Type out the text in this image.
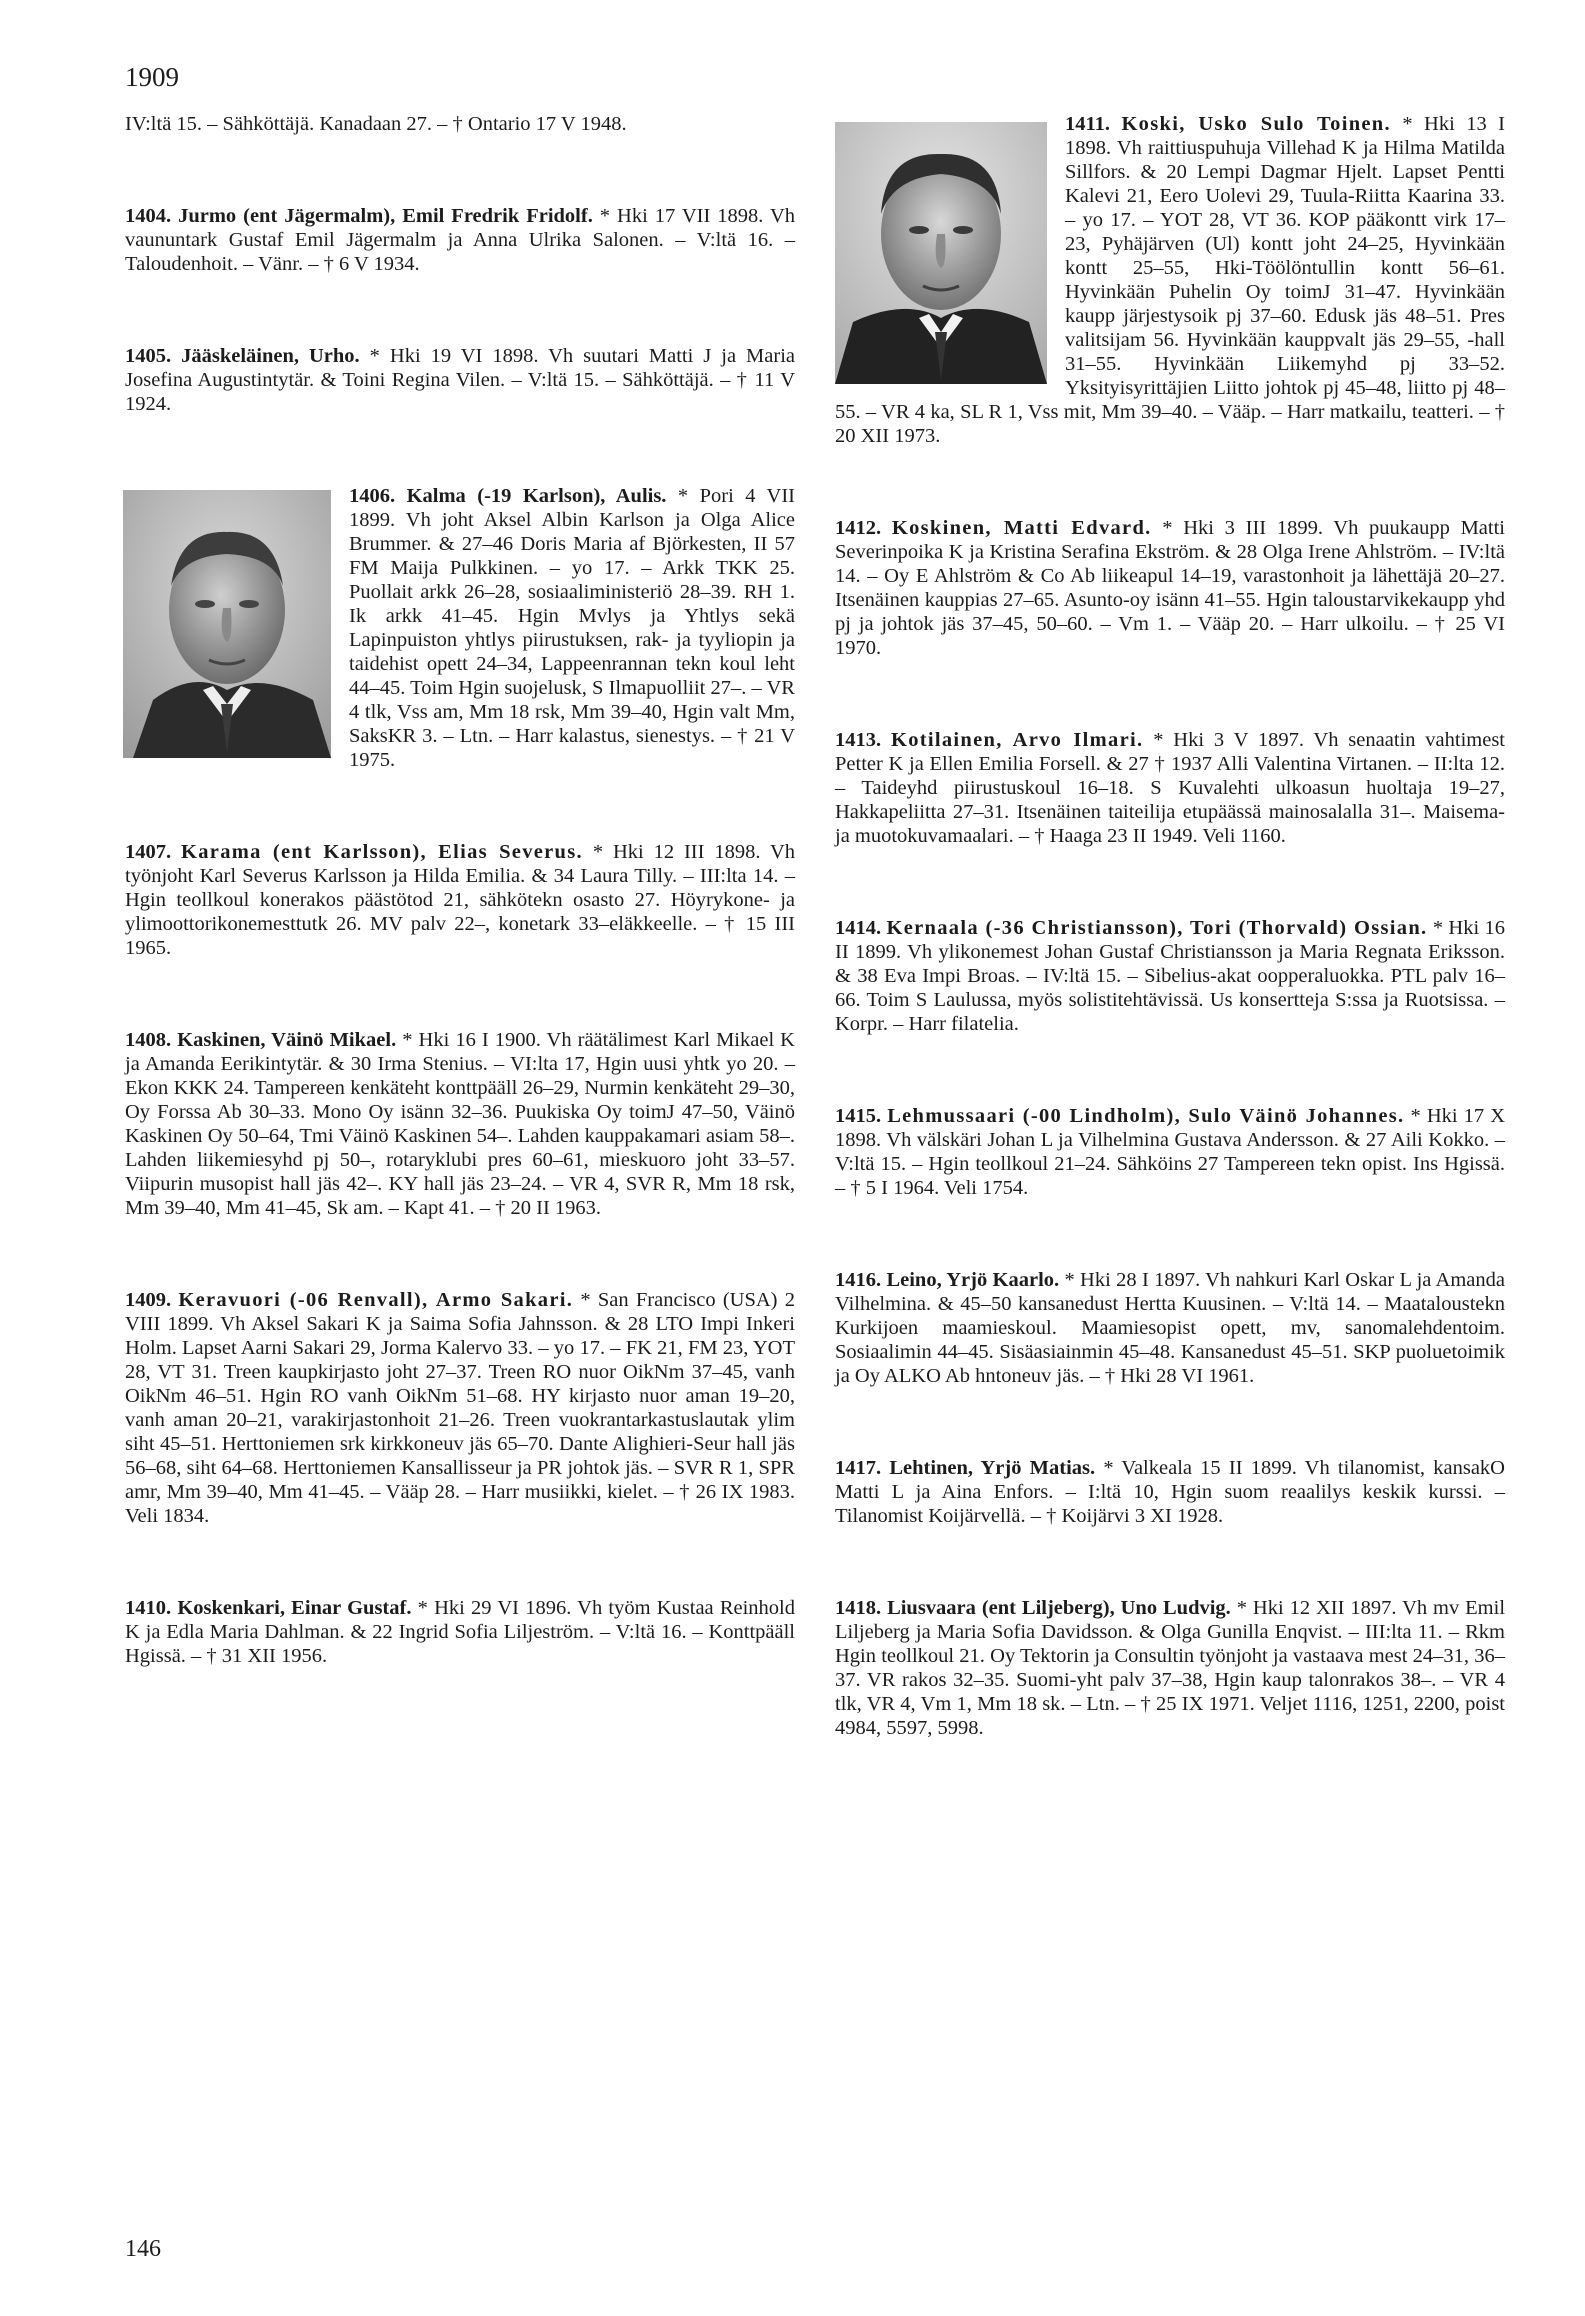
1909

IV:ltä 15. – Sähköttäjä. Kanadaan 27. – † Ontario 17 V 1948.

1404. Jurmo (ent Jägermalm), Emil Fredrik Fridolf. * Hki 17 VII 1898. Vh vaununtark Gustaf Emil Jägermalm ja Anna Ulrika Salonen. – V:ltä 16. – Taloudenhoit. – Vänr. – † 6 V 1934.

1405. Jääskeläinen, Urho. * Hki 19 VI 1898. Vh suutari Matti J ja Maria Josefina Augustintytär. & Toini Regina Vilen. – V:ltä 15. – Sähköttäjä. – † 11 V 1924.

1406. Kalma (-19 Karlson), Aulis.
* Pori 4 VII 1899. Vh joht Aksel Albin Karlson ja Olga Alice Brummer. & 27–46 Doris Maria af Björkesten, II 57 FM Maija Pulkkinen. – yo 17. – Arkk TKK 25. Puollait arkk 26–28, sosiaaliministeriö 28–39. RH 1. Ik arkk 41–45. Hgin Mvlys ja Yhtlys sekä Lapinpuiston yhtlys piirustuksen, rak- ja tyyliopin ja taidehist opett 24–34, Lappeenrannan tekn koul leht 44–45. Toim Hgin suojelusk, S Ilmapuolliit 27–. – VR 4 tlk, Vss am, Mm 18 rsk, Mm 39–40, Hgin valt Mm, SaksKR 3. – Ltn. – Harr kalastus, sienestys. – † 21 V 1975.

1407. Karama (ent Karlsson), Elias Severus. * Hki 12 III 1898. Vh työnjoht Karl Severus Karlsson ja Hilda Emilia. & 34 Laura Tilly. – III:lta 14. – Hgin teollkoul konerakos päästötod 21, sähkötekn osasto 27. Höyrykone- ja ylimoottorikonemesttutk 26. MV palv 22–, konetark 33–eläkkeelle. – † 15 III 1965.

1408. Kaskinen, Väinö Mikael. * Hki 16 I 1900. Vh räätälimest Karl Mikael K ja Amanda Eerikintytär. & 30 Irma Stenius. – VI:lta 17, Hgin uusi yhtk yo 20. – Ekon KKK 24. Tampereen kenkäteht konttpääll 26–29, Nurmin kenkäteht 29–30, Oy Forssa Ab 30–33. Mono Oy isänn 32–36. Puukiska Oy toimJ 47–50, Väinö Kaskinen Oy 50–64, Tmi Väinö Kaskinen 54–. Lahden kauppakamari asiam 58–. Lahden liikemiesyhd pj 50–, rotaryklubi pres 60–61, mieskuoro joht 33–57. Viipurin musopist hall jäs 42–. KY hall jäs 23–24. – VR 4, SVR R, Mm 18 rsk, Mm 39–40, Mm 41–45, Sk am. – Kapt 41. – † 20 II 1963.

1409. Keravuori (-06 Renvall), Armo Sakari. * San Francisco (USA) 2 VIII 1899. Vh Aksel Sakari K ja Saima Sofia Jahnsson. & 28 LTO Impi Inkeri Holm. Lapset Aarni Sakari 29, Jorma Kalervo 33. – yo 17. – FK 21, FM 23, YOT 28, VT 31. Treen kaupkirjasto joht 27–37. Treen RO nuor OikNm 37–45, vanh OikNm 46–51. Hgin RO vanh OikNm 51–68. HY kirjasto nuor aman 19–20, vanh aman 20–21, varakirjastonhoit 21–26. Treen vuokrantarkastuslautak ylim siht 45–51. Herttoniemen srk kirkkoneuv jäs 65–70. Dante Alighieri-Seur hall jäs 56–68, siht 64–68. Herttoniemen Kansallisseur ja PR johtok jäs. – SVR R 1, SPR amr, Mm 39–40, Mm 41–45. – Vääp 28. – Harr musiikki, kielet. – † 26 IX 1983. Veli 1834.

1410. Koskenkari, Einar Gustaf. * Hki 29 VI 1896. Vh työm Kustaa Reinhold K ja Edla Maria Dahlman. & 22 Ingrid Sofia Liljeström. – V:ltä 16. – Konttpääll Hgissä. – † 31 XII 1956.

1411. Koski, Usko Sulo Toinen. * Hki 13 I 1898. Vh raittiuspuhuja Villehad K ja Hilma Matilda Sillfors. & 20 Lempi Dagmar Hjelt. Lapset Pentti Kalevi 21, Eero Uolevi 29, Tuula-Riitta Kaarina 33. – yo 17. – YOT 28, VT 36. KOP pääkontt virk 17–23, Pyhäjärven (Ul) kontt joht 24–25, Hyvinkään kontt 25–55, Hki-Töölöntullin kontt 56–61. Hyvinkään Puhelin Oy toimJ 31–47. Hyvinkään kaupp järjestysoik pj 37–60. Edusk jäs 48–51. Pres valitsijam 56. Hyvinkään kauppvalt jäs 29–55, -hall 31–55. Hyvinkään Liikemyhd pj 33–52. Yksityisyrittäjien Liitto johtok pj 45–48, liitto pj 48–55. – VR 4 ka, SL R 1, Vss mit, Mm 39–40. – Vääp. – Harr matkailu, teatteri. – † 20 XII 1973.

1412. Koskinen, Matti Edvard. * Hki 3 III 1899. Vh puukaupp Matti Severinpoika K ja Kristina Serafina Ekström. & 28 Olga Irene Ahlström. – IV:ltä 14. – Oy E Ahlström & Co Ab liikeapul 14–19, varastonhoit ja lähettäjä 20–27. Itsenäinen kauppias 27–65. Asunto-oy isänn 41–55. Hgin taloustarvikekaupp yhd pj ja johtok jäs 37–45, 50–60. – Vm 1. – Vääp 20. – Harr ulkoilu. – † 25 VI 1970.

1413. Kotilainen, Arvo Ilmari. * Hki 3 V 1897. Vh senaatin vahtimest Petter K ja Ellen Emilia Forsell. & 27 † 1937 Alli Valentina Virtanen. – II:lta 12. – Taideyhd piirustuskoul 16–18. S Kuvalehti ulkoasun huoltaja 19–27, Hakkapeliitta 27–31. Itsenäinen taiteilija etupäässä mainosalalla 31–. Maisema- ja muotokuvamaalari. – † Haaga 23 II 1949. Veli 1160.

1414. Kernaala (-36 Christiansson), Tori (Thorvald) Ossian. * Hki 16 II 1899. Vh ylikonemest Johan Gustaf Christiansson ja Maria Regnata Eriksson. & 38 Eva Impi Broas. – IV:ltä 15. – Sibelius-akat oopperaluokka. PTL palv 16–66. Toim S Laulussa, myös solistitehtävissä. Us konsertteja S:ssa ja Ruotsissa. – Korpr. – Harr filatelia.

1415. Lehmussaari (-00 Lindholm), Sulo Väinö Johannes. * Hki 17 X 1898. Vh välskäri Johan L ja Vilhelmina Gustava Andersson. & 27 Aili Kokko. – V:ltä 15. – Hgin teollkoul 21–24. Sähköins 27 Tampereen tekn opist. Ins Hgissä. – † 5 I 1964. Veli 1754.

1416. Leino, Yrjö Kaarlo. * Hki 28 I 1897. Vh nahkuri Karl Oskar L ja Amanda Vilhelmina. & 45–50 kansanedust Hertta Kuusinen. – V:ltä 14. – Maataloustekn Kurkijoen maamieskoul. Maamiesopist opett, mv, sanomalehdentoim. Sosiaalimin 44–45. Sisäasiainmin 45–48. Kansanedust 45–51. SKP puoluetoimik ja Oy ALKO Ab hntoneuv jäs. – † Hki 28 VI 1961.

1417. Lehtinen, Yrjö Matias. * Valkeala 15 II 1899. Vh tilanomist, kansakO Matti L ja Aina Enfors. – I:ltä 10, Hgin suom reaalilys keskik kurssi. – Tilanomist Koijärvellä. – † Koijärvi 3 XI 1928.

1418. Liusvaara (ent Liljeberg), Uno Ludvig. * Hki 12 XII 1897. Vh mv Emil Liljeberg ja Maria Sofia Davidsson. & Olga Gunilla Enqvist. – III:lta 11. – Rkm Hgin teollkoul 21. Oy Tektorin ja Consultin työnjoht ja vastaava mest 24–31, 36–37. VR rakos 32–35. Suomi-yht palv 37–38, Hgin kaup talonrakos 38–. – VR 4 tlk, VR 4, Vm 1, Mm 18 sk. – Ltn. – † 25 IX 1971. Veljet 1116, 1251, 2200, poist 4984, 5597, 5998.

146
